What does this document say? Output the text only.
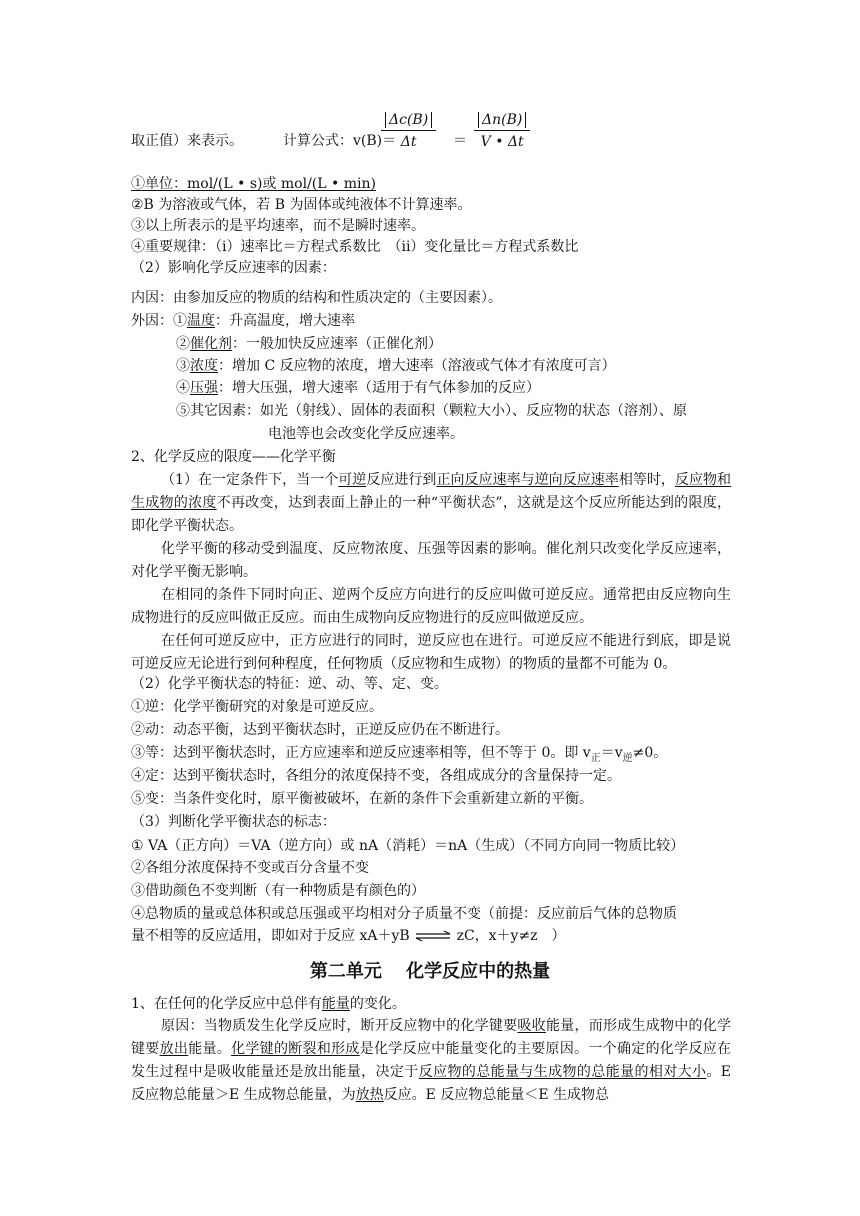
取正值）来表示。	计算公式：v(B)＝
$\frac{\Delta c(B)}{\Delta t} = \frac{\Delta n(B)}{V • \Delta t}$
①单位：mol/(L • s)或 mol/(L • min)
②B 为溶液或气体，若 B 为固体或纯液体不计算速率。
③以上所表示的是平均速率，而不是瞬时速率。
④重要规律：（i）速率比＝方程式系数比　（ii）变化量比＝方程式系数比
（2）影响化学反应速率的因素：
内因：由参加反应的物质的结构和性质决定的（主要因素）。
外因：①温度：升高温度，增大速率
②催化剂：一般加快反应速率（正催化剂）
③浓度：增加 C 反应物的浓度，增大速率（溶液或气体才有浓度可言）
④压强：增大压强，增大速率（适用于有气体参加的反应）
⑤其它因素：如光（射线）、固体的表面积（颗粒大小）、反应物的状态（溶剂）、原
电池等也会改变化学反应速率。
2、化学反应的限度——化学平衡
（1）在一定条件下，当一个可逆反应进行到正向反应速率与逆向反应速率相等时，反应物和生成物的浓度不再改变，达到表面上静止的一种“平衡状态”，这就是这个反应所能达到的限度，即化学平衡状态。
化学平衡的移动受到温度、反应物浓度、压强等因素的影响。催化剂只改变化学反应速率，对化学平衡无影响。
在相同的条件下同时向正、逆两个反应方向进行的反应叫做可逆反应。通常把由反应物向生成物进行的反应叫做正反应。而由生成物向反应物进行的反应叫做逆反应。
在任何可逆反应中，正方应进行的同时，逆反应也在进行。可逆反应不能进行到底，即是说可逆反应无论进行到何种程度，任何物质（反应物和生成物）的物质的量都不可能为 0。
（2）化学平衡状态的特征：逆、动、等、定、变。
①逆：化学平衡研究的对象是可逆反应。
②动：动态平衡，达到平衡状态时，正逆反应仍在不断进行。
③等：达到平衡状态时，正方应速率和逆反应速率相等，但不等于 0。即 $v_正=v_逆\ne 0$。
④定：达到平衡状态时，各组分的浓度保持不变，各组成成分的含量保持一定。
⑤变：当条件变化时，原平衡被破坏，在新的条件下会重新建立新的平衡。
（3）判断化学平衡状态的标志：
① VA（正方向）＝VA（逆方向）或 nA（消耗）＝nA（生成）（不同方向同一物质比较）
②各组分浓度保持不变或百分含量不变
③借助颜色不变判断（有一种物质是有颜色的）
④总物质的量或总体积或总压强或平均相对分子质量不变（前提：反应前后气体的总物质
量不相等的反应适用，即如对于反应 xA＋yB ⇌ zC，x＋y≠z　）
第二单元　 化学反应中的热量
1、在任何的化学反应中总伴有能量的变化。
原因：当物质发生化学反应时，断开反应物中的化学键要吸收能量，而形成生成物中的化学键要放出能量。化学键的断裂和形成是化学反应中能量变化的主要原因。一个确定的化学反应在发生过程中是吸收能量还是放出能量，决定于反应物的总能量与生成物的总能量的相对大小。E 反应物总能量＞E 生成物总能量，为放热反应。E 反应物总能量＜E 生成物总
